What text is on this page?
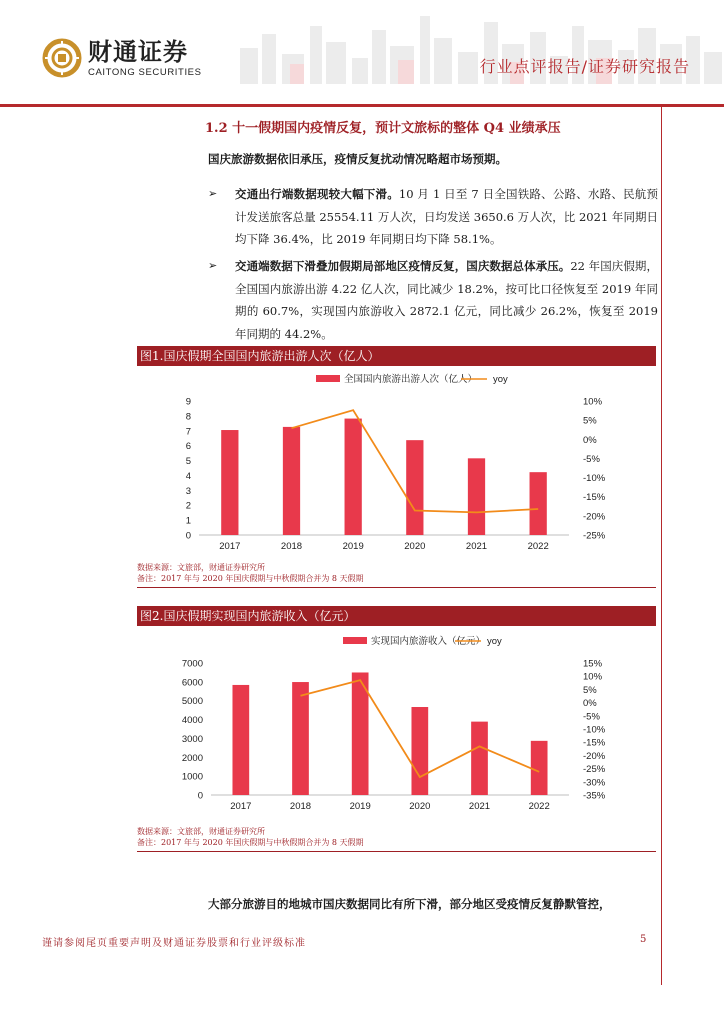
财通证券
CAITONG SECURITIES	行业点评报告/证券研究报告
1.2 十一假期国内疫情反复，预计文旅标的整体 Q4 业绩承压
国庆旅游数据依旧承压，疫情反复扰动情况略超市场预期。
➢ 交通出行端数据现较大幅下滑。10 月 1 日至 7 日全国铁路、公路、水路、民航预计发送旅客总量 25554.11 万人次，日均发送 3650.6 万人次，比 2021 年同期日均下降 36.4%，比 2019 年同期日均下降 58.1%。
➢ 交通端数据下滑叠加假期局部地区疫情反复，国庆数据总体承压。22 年国庆假期，全国国内旅游出游 4.22 亿人次，同比减少 18.2%，按可比口径恢复至 2019 年同期的 60.7%，实现国内旅游收入 2872.1 亿元，同比减少 26.2%，恢复至 2019 年同期的 44.2%。
图1.国庆假期全国国内旅游出游人次（亿人）
全国国内旅游出游人次（亿人） yoy
0
1
2
3
4
5
6
7
8
9	10%
5%
0%
-5%
-10%
-15%
-20%
-25%
2017	2018	2019	2020	2021	2022
数据来源：文旅部，财通证券研究所
备注：2017 年与 2020 年国庆假期与中秋假期合并为 8 天假期
图2.国庆假期实现国内旅游收入（亿元）
实现国内旅游收入（亿元） yoy
0
1000
2000
3000
4000
5000
6000
7000	15%
10%
5%
0%
-5%
-10%
-15%
-20%
-25%
-30%
-35%
2017	2018	2019	2020	2021	2022
数据来源：文旅部，财通证券研究所
备注：2017 年与 2020 年国庆假期与中秋假期合并为 8 天假期
大部分旅游目的地城市国庆数据同比有所下滑，部分地区受疫情反复静默管控，
谨请参阅尾页重要声明及财通证券股票和行业评级标准	5
